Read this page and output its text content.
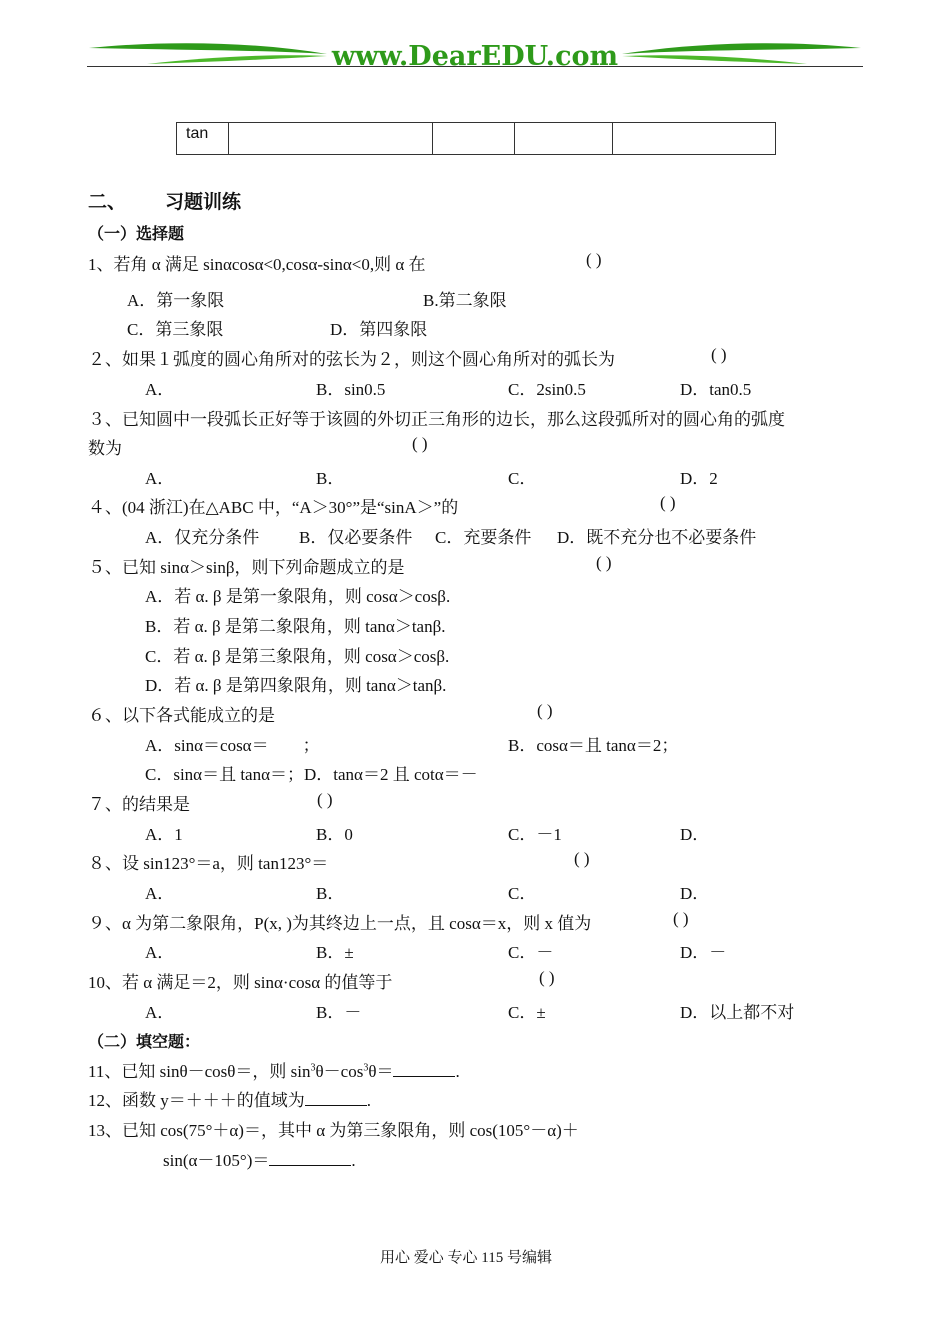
www.DearEDU.com
tan
二、 习题训练
（一）选择题
1、若角 α 满足 sinαcosα<0,cosα-sinα<0,则 α 在	( )
A．第一象限	B.第二象限
C．第三象限	D．第四象限
２、如果１弧度的圆心角所对的弦长为２，则这个圆心角所对的弧长为	( )
A．	B．sin0.5	C．2sin0.5	D．tan0.5
３、已知圆中一段弧长正好等于该圆的外切正三角形的边长，那么这段弧所对的圆心角的弧度
数为	( )
A．	B．	C．	D．2
４、(04 浙江)在△ABC 中，“A＞30°”是“sinA＞”的	( )
A．仅充分条件 B．仅必要条件 C．充要条件 D．既不充分也不必要条件
５、已知 sinα＞sinβ，则下列命题成立的是	( )
A．若 α. β 是第一象限角，则 cosα＞cosβ.
B．若 α. β 是第二象限角，则 tanα＞tanβ.
C．若 α. β 是第三象限角，则 cosα＞cosβ.
D．若 α. β 是第四象限角，则 tanα＞tanβ.
６、以下各式能成立的是	( )
A．sinα＝cosα＝　　；	B．cosα＝且 tanα＝2；
C．sinα＝且 tanα＝；D．tanα＝2 且 cotα＝－
７、的结果是	( )
A．1	B．0	C．－1	D．
８、设 sin123°＝a，则 tan123°＝	( )
A．	B．	C．	D．
９、α 为第二象限角，P(x, )为其终边上一点，且 cosα＝x，则 x 值为	( )
A．	B．±	C．－	D．－
10、若 α 满足＝2，则 sinα·cosα 的值等于	( )
A．	B．－	C．±	D．以上都不对
（二）填空题：
11、已知 sinθ－cosθ＝，则 $\sin^3\theta-\cos^3\theta=$	.
12、函数 y＝＋＋＋的值域为	.
13、已知 cos(75°＋α)＝，其中 α 为第三象限角，则 cos(105°－α)＋
sin(α－105°)＝	.
用心 爱心 专心 115 号编辑
